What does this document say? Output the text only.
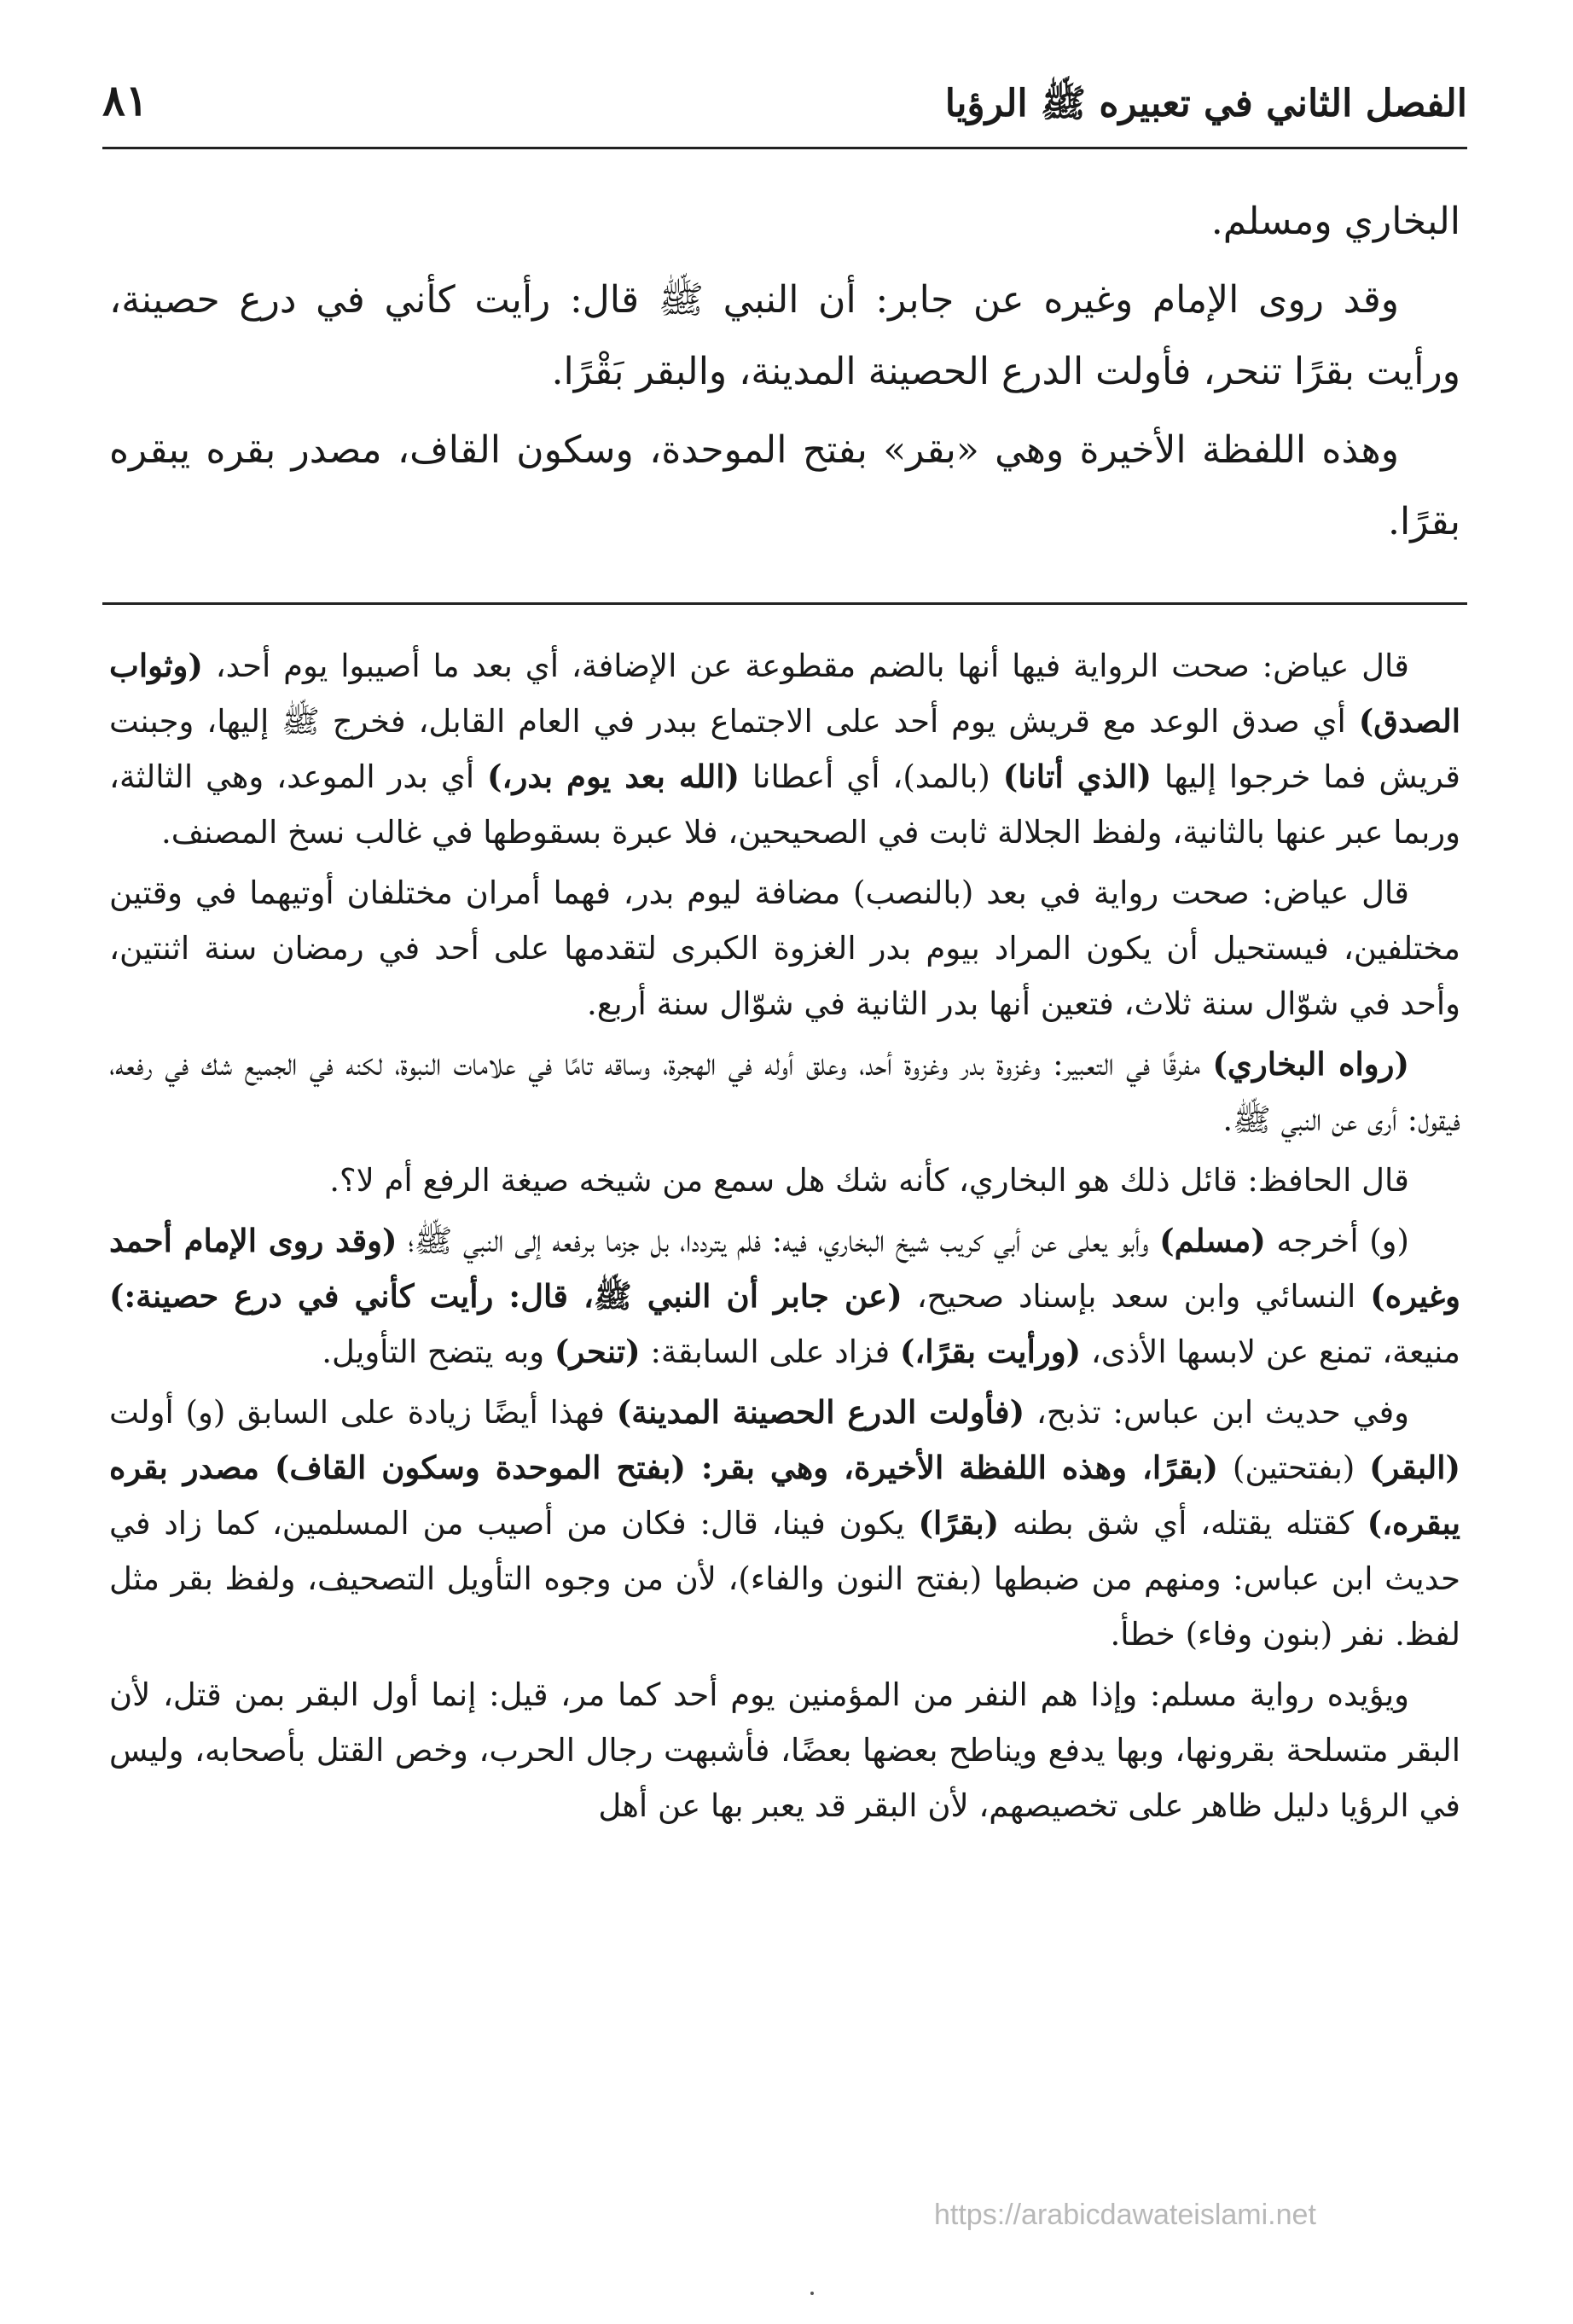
الفصل الثاني في تعبيره ﷺ الرؤيا
٨١

البخاري ومسلم.

وقد روى الإمام وغيره عن جابر: أن النبي ﷺ قال: رأيت كأني في درع حصينة، ورأيت بقرًا تنحر، فأولت الدرع الحصينة المدينة، والبقر بَقْرًا.

وهذه اللفظة الأخيرة وهي «بقر» بفتح الموحدة، وسكون القاف، مصدر بقره يبقره بقرًا.

قال عياض: صحت الرواية فيها أنها بالضم مقطوعة عن الإضافة، أي بعد ما أصيبوا يوم أحد، (وثواب الصدق) أي صدق الوعد مع قريش يوم أحد على الاجتماع ببدر في العام القابل، فخرج ﷺ إليها، وجبنت قريش فما خرجوا إليها (الذي أتانا) (بالمد)، أي أعطانا (الله بعد يوم بدر،) أي بدر الموعد، وهي الثالثة، وربما عبر عنها بالثانية، ولفظ الجلالة ثابت في الصحيحين، فلا عبرة بسقوطها في غالب نسخ المصنف.

قال عياض: صحت رواية في بعد (بالنصب) مضافة ليوم بدر، فهما أمران مختلفان أوتيهما في وقتين مختلفين، فيستحيل أن يكون المراد بيوم بدر الغزوة الكبرى لتقدمها على أحد في رمضان سنة اثنتين، وأحد في شوّال سنة ثلاث، فتعين أنها بدر الثانية في شوّال سنة أربع.

(رواه البخاري) مفرقًا في التعبير: وغزوة بدر وغزوة أحد، وعلق أوله في الهجرة، وساقه تامًا في علامات النبوة، لكنه في الجميع شك في رفعه، فيقول: أرى عن النبي ﷺ.

قال الحافظ: قائل ذلك هو البخاري، كأنه شك هل سمع من شيخه صيغة الرفع أم لا؟.

(و) أخرجه (مسلم) وأبو يعلى عن أبي كريب شيخ البخاري، فيه: فلم يترددا، بل جزما برفعه إلى النبي ﷺ؛ (وقد روى الإمام أحمد وغيره) النسائي وابن سعد بإسناد صحيح، (عن جابر أن النبي ﷺ، قال: رأيت كأني في درع حصينة:) منيعة، تمنع عن لابسها الأذى، (ورأيت بقرًا،) فزاد على السابقة: (تنحر) وبه يتضح التأويل.

وفي حديث ابن عباس: تذبح، (فأولت الدرع الحصينة المدينة) فهذا أيضًا زيادة على السابق (و) أولت (البقر) (بفتحتين) (بقرًا، وهذه اللفظة الأخيرة، وهي بقر: (بفتح الموحدة وسكون القاف) مصدر بقره يبقره،) كقتله يقتله، أي شق بطنه (بقرًا) يكون فينا، قال: فكان من أصيب من المسلمين، كما زاد في حديث ابن عباس: ومنهم من ضبطها (بفتح النون والفاء)، لأن من وجوه التأويل التصحيف، ولفظ بقر مثل لفظ. نفر (بنون وفاء) خطأ.

ويؤيده رواية مسلم: وإذا هم النفر من المؤمنين يوم أحد كما مر، قيل: إنما أول البقر بمن قتل، لأن البقر متسلحة بقرونها، وبها يدفع ويناطح بعضها بعضًا، فأشبهت رجال الحرب، وخص القتل بأصحابه، وليس في الرؤيا دليل ظاهر على تخصيصهم، لأن البقر قد يعبر بها عن أهل

https://arabicdawateislami.net
